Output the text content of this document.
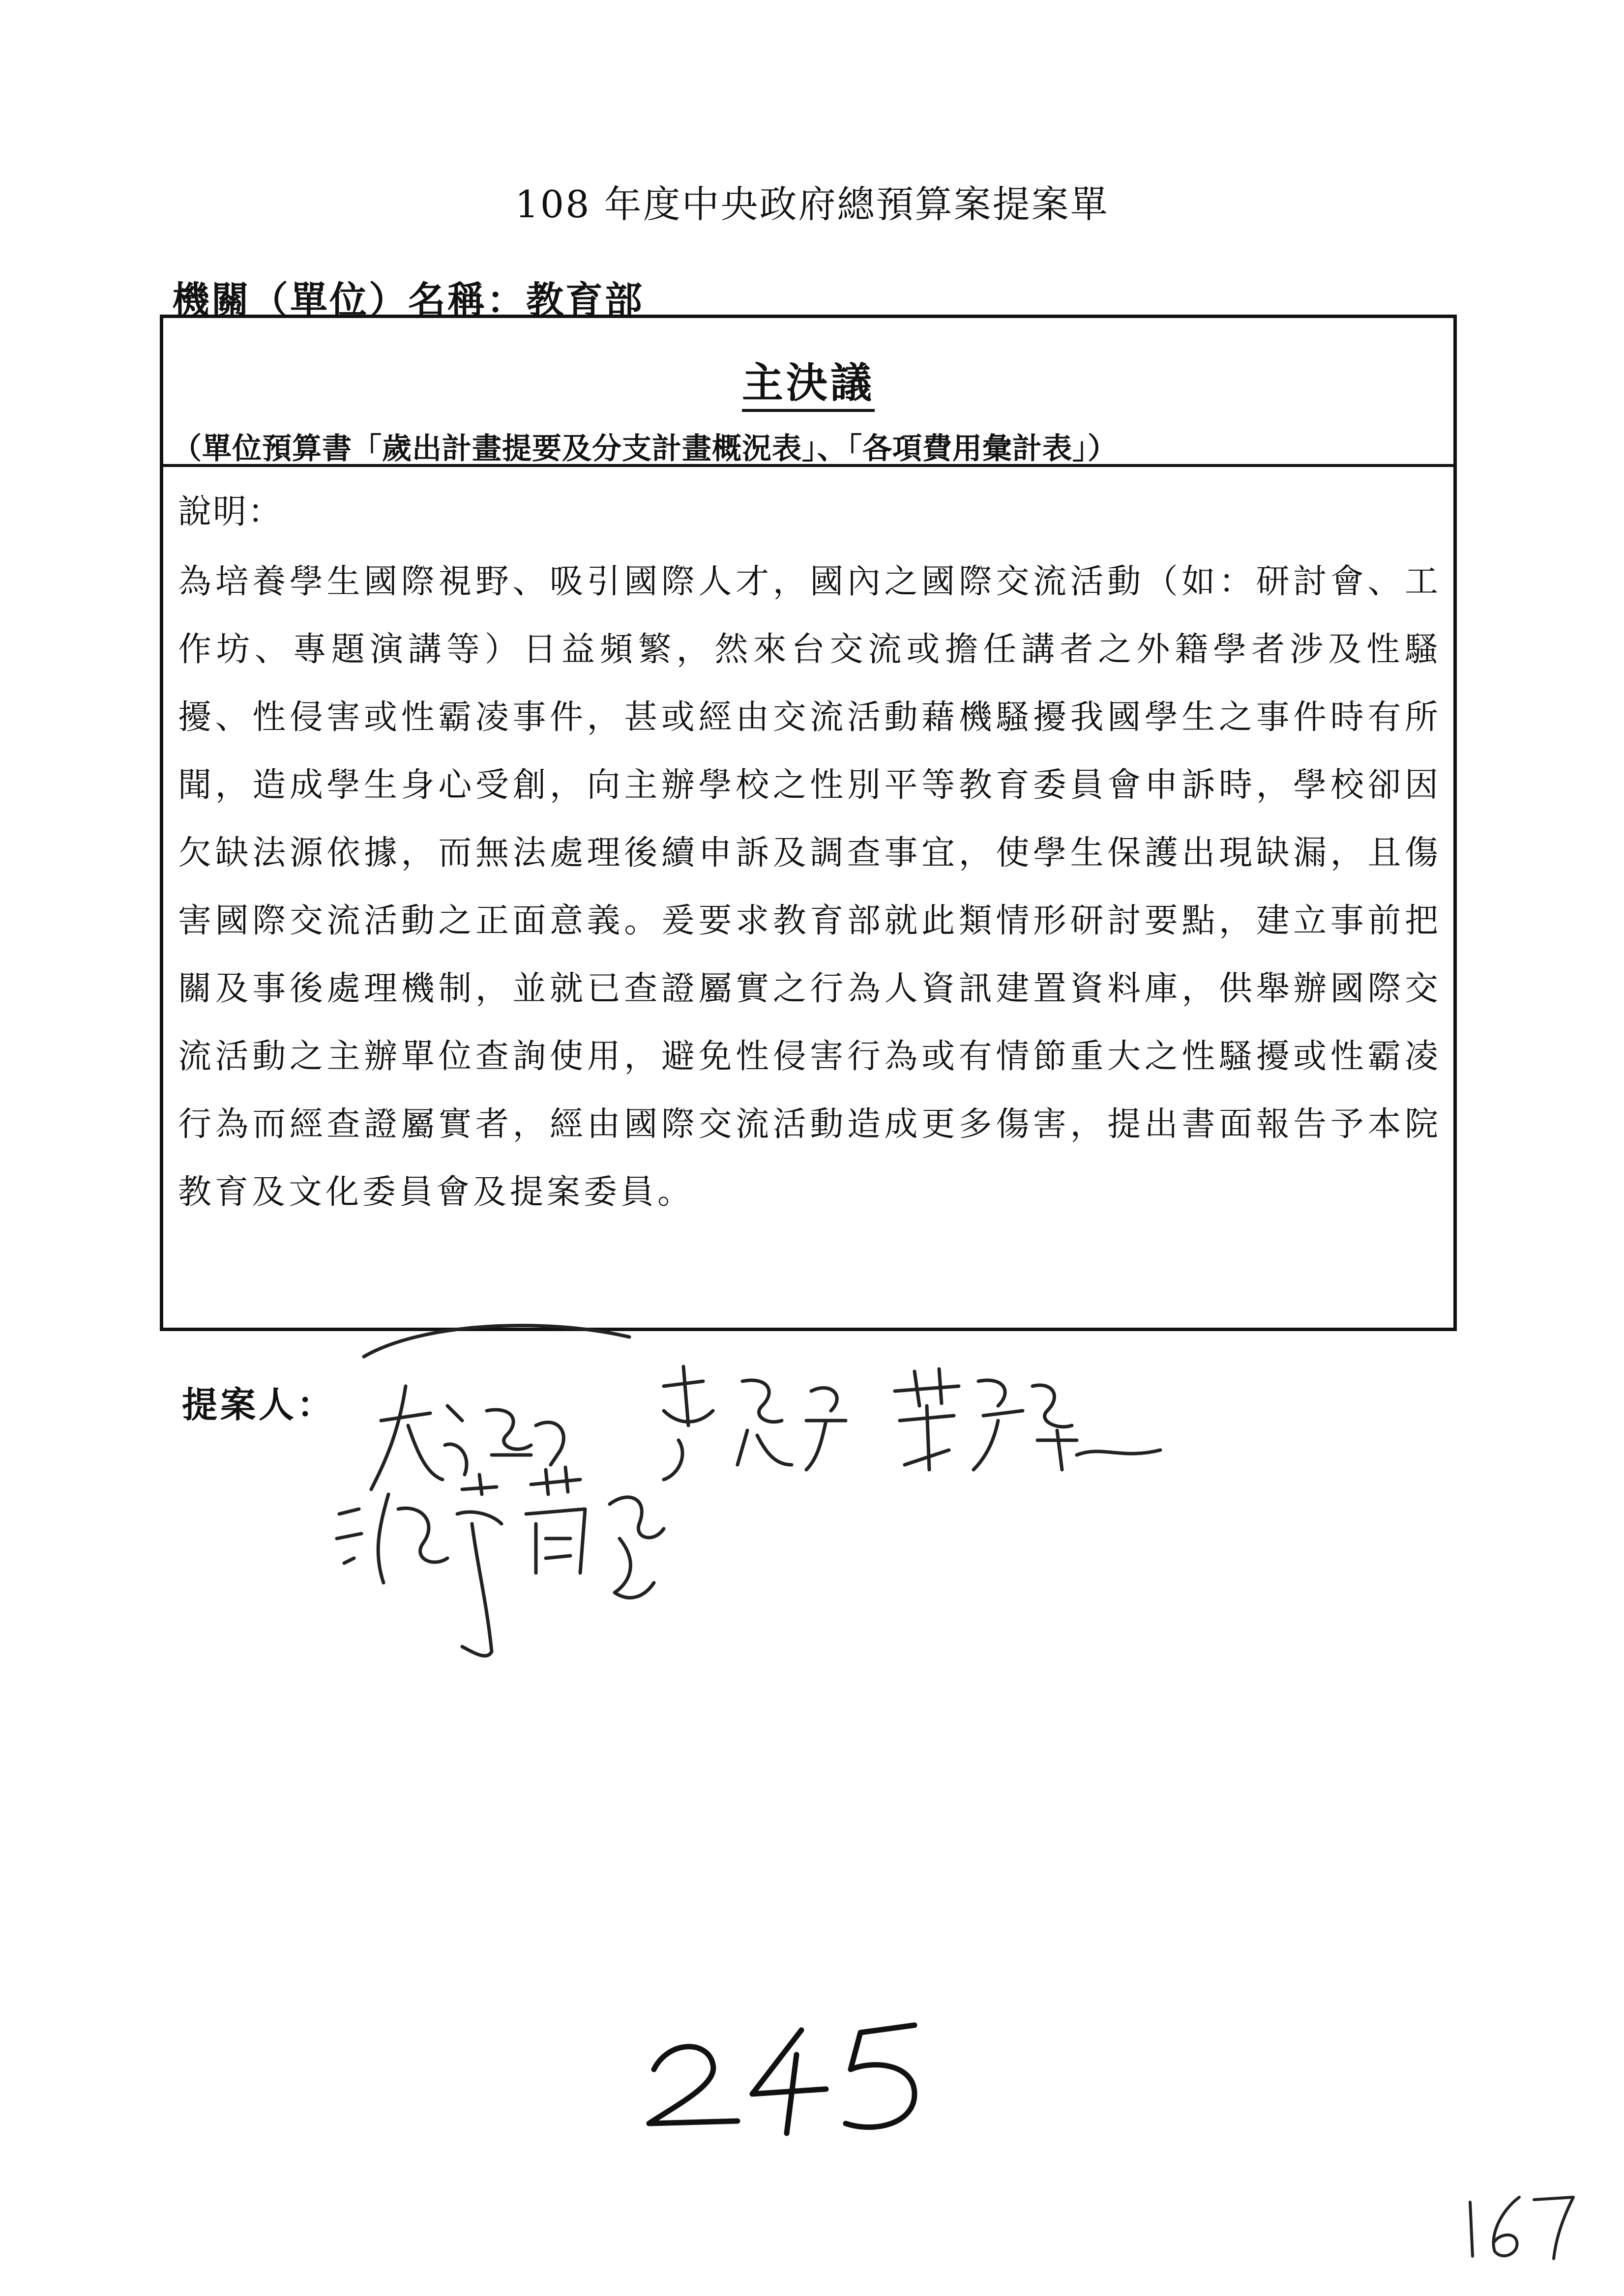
108 年度中央政府總預算案提案單
機關（單位）名稱：教育部
主決議
（單位預算書「歲出計畫提要及分支計畫概況表」、「各項費用彙計表」）
說明：
為培養學生國際視野、吸引國際人才，國內之國際交流活動（如：研討會、工作坊、專題演講等）日益頻繁，然來台交流或擔任講者之外籍學者涉及性騷擾、性侵害或性霸凌事件，甚或經由交流活動藉機騷擾我國學生之事件時有所聞，造成學生身心受創，向主辦學校之性別平等教育委員會申訴時，學校卻因欠缺法源依據，而無法處理後續申訴及調查事宜，使學生保護出現缺漏，且傷害國際交流活動之正面意義。爰要求教育部就此類情形研討要點，建立事前把關及事後處理機制，並就已查證屬實之行為人資訊建置資料庫，供舉辦國際交流活動之主辦單位查詢使用，避免性侵害行為或有情節重大之性騷擾或性霸凌行為而經查證屬實者，經由國際交流活動造成更多傷害，提出書面報告予本院教育及文化委員會及提案委員。
提案人：
